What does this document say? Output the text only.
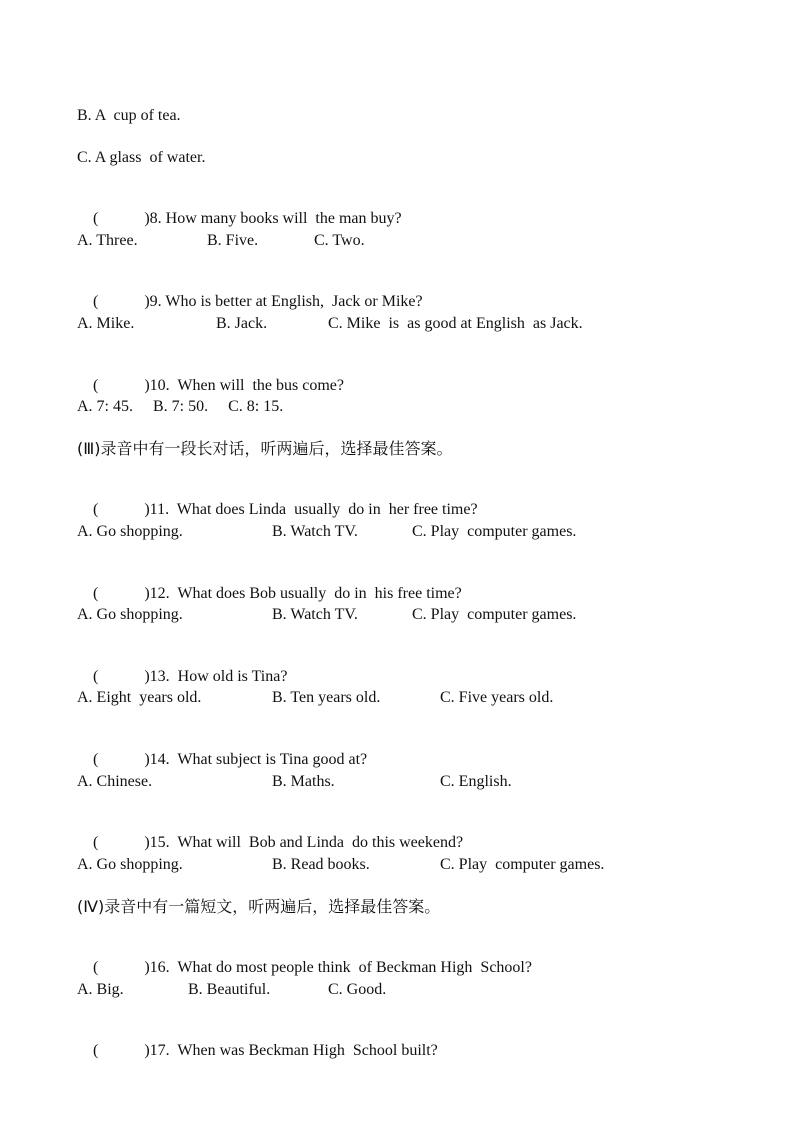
B. A  cup of tea.
C. A glass  of water.

(	)8. How many books will  the man buy?

A. Three.

	B. Five.

	C. Two.

(	)9. Who is better at English,  Jack or Mike?

A. Mike.

	B. Jack.

	C. Mike  is  as good at English  as Jack.

(	)10.  When will  the bus come?

A. 7: 45.     B. 7: 50.     C. 8: 15.
(Ⅲ)录音中有一段长对话，听两遍后，选择最佳答案。

(	)11.  What does Linda  usually  do in  her free time?

A. Go shopping.

	B. Watch TV.

	C. Play  computer games.

(	)12.  What does Bob usually  do in  his free time?

A. Go shopping.

	B. Watch TV.

	C. Play  computer games.

(	)13.  How old is Tina?

A. Eight  years old.

	B. Ten years old.

	C. Five years old.

(	)14.  What subject is Tina good at?

A. Chinese.

	B. Maths.

	C. English.

(	)15.  What will  Bob and Linda  do this weekend?

A. Go shopping.

	B. Read books.

	C. Play  computer games.

(Ⅳ)录音中有一篇短文，听两遍后，选择最佳答案。

(	)16.  What do most people think  of Beckman High  School?

A. Big.

	B. Beautiful.

	C. Good.

(	)17.  When was Beckman High  School built?
